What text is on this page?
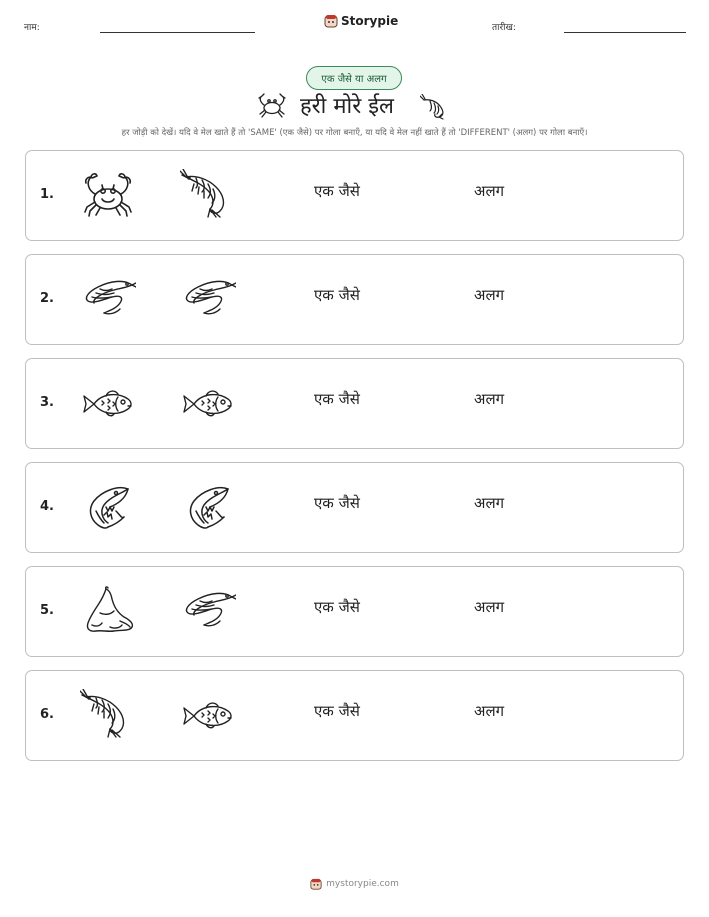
नाम:	Storypie	तारीख:
एक जैसे या अलग
हरी मोरे ईल
हर जोड़ी को देखें। यदि वे मेल खाते हैं तो 'SAME' (एक जैसे) पर गोला बनाएँ, या यदि वे मेल नहीं खाते हैं तो 'DIFFERENT' (अलग) पर गोला बनाएँ।
1.	एक जैसे	अलग
2.	एक जैसे	अलग
3.	एक जैसे	अलग
4.	एक जैसे	अलग
5.	एक जैसे	अलग
6.	एक जैसे	अलग
mystorypie.com
